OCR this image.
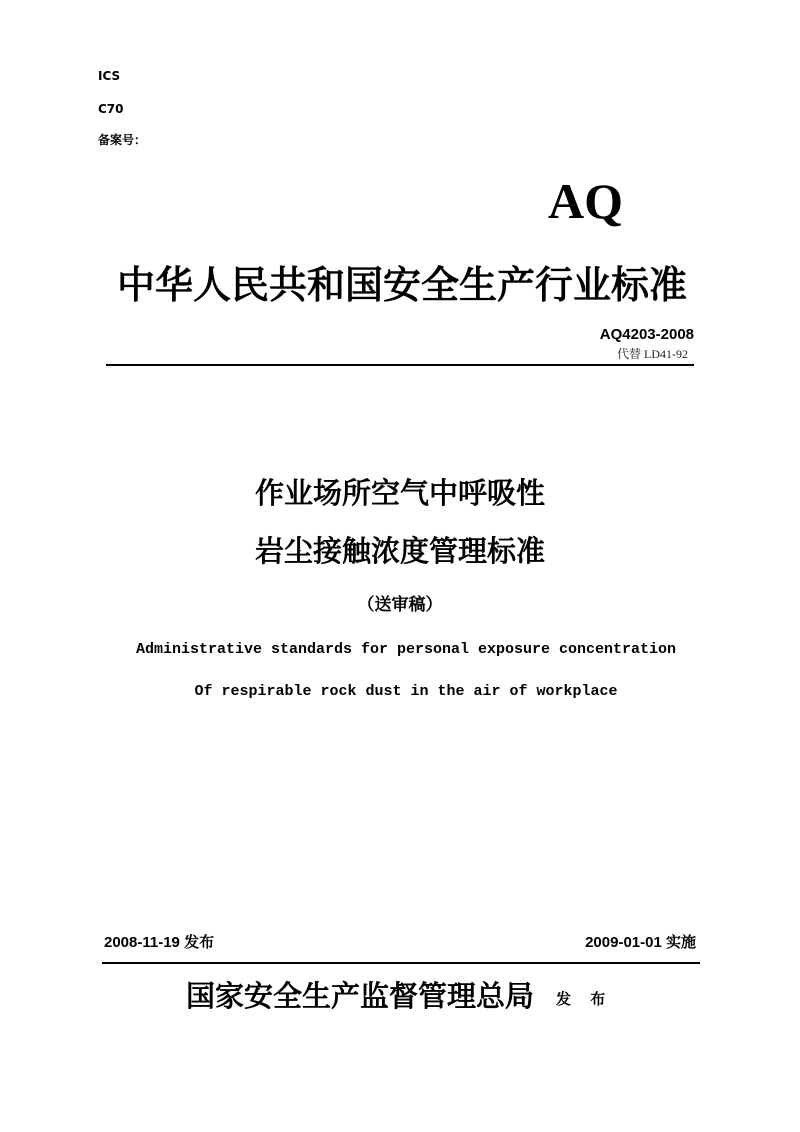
ICS
C70
备案号：
AQ
中华人民共和国安全生产行业标准
AQ4203-2008
代替 LD41-92
作业场所空气中呼吸性
岩尘接触浓度管理标准
（送审稿）
Administrative standards for personal exposure concentration
Of respirable rock dust in the air of workplace
2008-11-19 发布	2009-01-01 实施
国家安全生产监督管理总局 发 布
